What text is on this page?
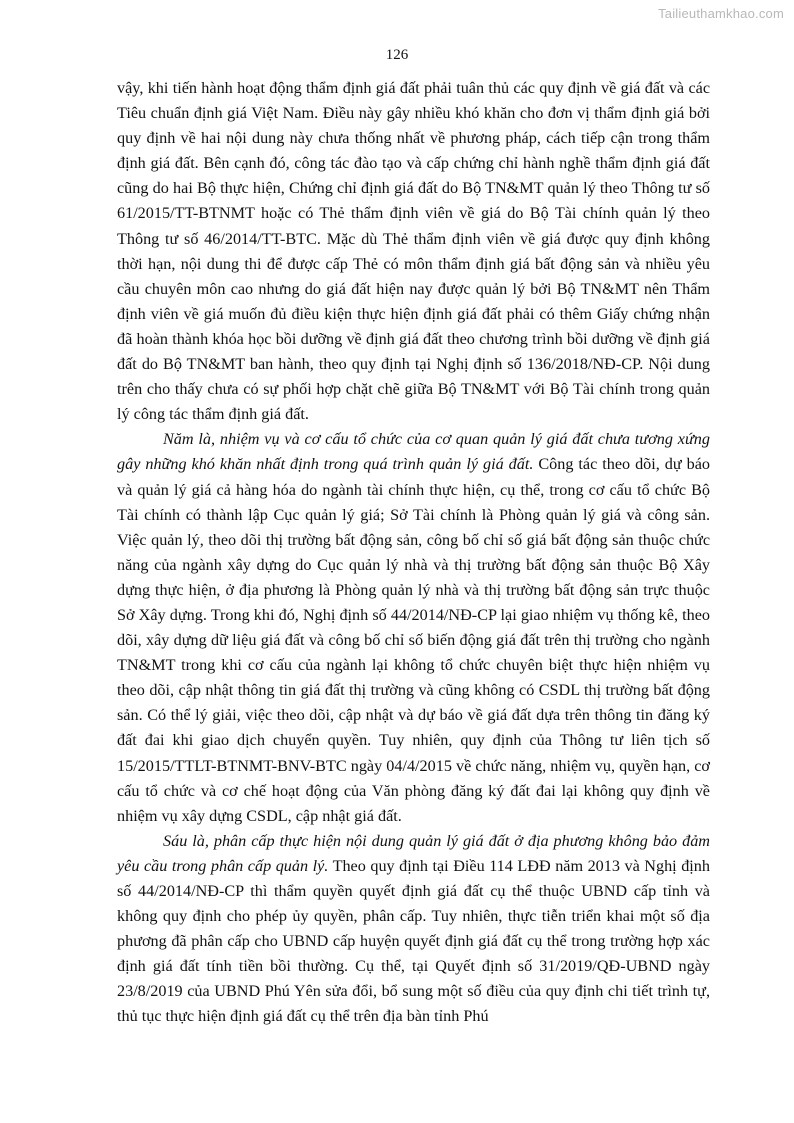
Tailieuthamkhao.com
126

vậy, khi tiến hành hoạt động thẩm định giá đất phải tuân thủ các quy định về giá đất và các Tiêu chuẩn định giá Việt Nam. Điều này gây nhiều khó khăn cho đơn vị thẩm định giá bởi quy định về hai nội dung này chưa thống nhất về phương pháp, cách tiếp cận trong thẩm định giá đất. Bên cạnh đó, công tác đào tạo và cấp chứng chỉ hành nghề thẩm định giá đất cũng do hai Bộ thực hiện, Chứng chỉ định giá đất do Bộ TN&MT quản lý theo Thông tư số 61/2015/TT-BTNMT hoặc có Thẻ thẩm định viên về giá do Bộ Tài chính quản lý theo Thông tư số 46/2014/TT-BTC. Mặc dù Thẻ thẩm định viên về giá được quy định không thời hạn, nội dung thi để được cấp Thẻ có môn thẩm định giá bất động sản và nhiều yêu cầu chuyên môn cao nhưng do giá đất hiện nay được quản lý bởi Bộ TN&MT nên Thẩm định viên về giá muốn đủ điều kiện thực hiện định giá đất phải có thêm Giấy chứng nhận đã hoàn thành khóa học bồi dưỡng về định giá đất theo chương trình bồi dưỡng về định giá đất do Bộ TN&MT ban hành, theo quy định tại Nghị định số 136/2018/NĐ-CP. Nội dung trên cho thấy chưa có sự phối hợp chặt chẽ giữa Bộ TN&MT với Bộ Tài chính trong quản lý công tác thẩm định giá đất.

Năm là, nhiệm vụ và cơ cấu tổ chức của cơ quan quản lý giá đất chưa tương xứng gây những khó khăn nhất định trong quá trình quản lý giá đất. Công tác theo dõi, dự báo và quản lý giá cả hàng hóa do ngành tài chính thực hiện, cụ thể, trong cơ cấu tổ chức Bộ Tài chính có thành lập Cục quản lý giá; Sở Tài chính là Phòng quản lý giá và công sản. Việc quản lý, theo dõi thị trường bất động sản, công bố chỉ số giá bất động sản thuộc chức năng của ngành xây dựng do Cục quản lý nhà và thị trường bất động sản thuộc Bộ Xây dựng thực hiện, ở địa phương là Phòng quản lý nhà và thị trường bất động sản trực thuộc Sở Xây dựng. Trong khi đó, Nghị định số 44/2014/NĐ-CP lại giao nhiệm vụ thống kê, theo dõi, xây dựng dữ liệu giá đất và công bố chỉ số biến động giá đất trên thị trường cho ngành TN&MT trong khi cơ cấu của ngành lại không tổ chức chuyên biệt thực hiện nhiệm vụ theo dõi, cập nhật thông tin giá đất thị trường và cũng không có CSDL thị trường bất động sản. Có thể lý giải, việc theo dõi, cập nhật và dự báo về giá đất dựa trên thông tin đăng ký đất đai khi giao dịch chuyển quyền. Tuy nhiên, quy định của Thông tư liên tịch số 15/2015/TTLT-BTNMT-BNV-BTC ngày 04/4/2015 về chức năng, nhiệm vụ, quyền hạn, cơ cấu tổ chức và cơ chế hoạt động của Văn phòng đăng ký đất đai lại không quy định về nhiệm vụ xây dựng CSDL, cập nhật giá đất.

Sáu là, phân cấp thực hiện nội dung quản lý giá đất ở địa phương không bảo đảm yêu cầu trong phân cấp quản lý. Theo quy định tại Điều 114 LĐĐ năm 2013 và Nghị định số 44/2014/NĐ-CP thì thẩm quyền quyết định giá đất cụ thể thuộc UBND cấp tỉnh và không quy định cho phép ủy quyền, phân cấp. Tuy nhiên, thực tiễn triển khai một số địa phương đã phân cấp cho UBND cấp huyện quyết định giá đất cụ thể trong trường hợp xác định giá đất tính tiền bồi thường. Cụ thể, tại Quyết định số 31/2019/QĐ-UBND ngày 23/8/2019 của UBND Phú Yên sửa đổi, bổ sung một số điều của quy định chi tiết trình tự, thủ tục thực hiện định giá đất cụ thể trên địa bàn tỉnh Phú
